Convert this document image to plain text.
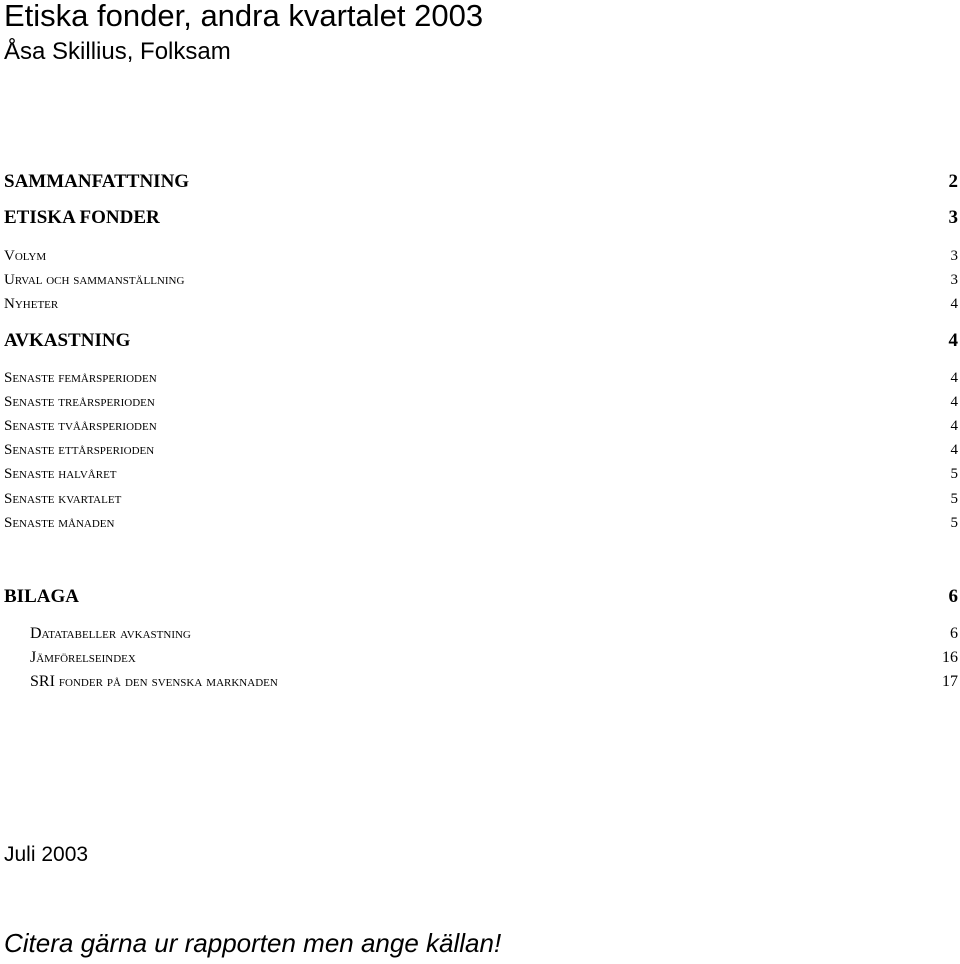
Etiska fonder, andra kvartalet 2003
Åsa Skillius, Folksam
SAMMANFATTNING	2
ETISKA FONDER	3
Volym	3
Urval och sammanställning	3
Nyheter	4
AVKASTNING	4
Senaste femårsperioden	4
Senaste treårsperioden	4
Senaste tvåårsperioden	4
Senaste ettårsperioden	4
Senaste halvåret	5
Senaste kvartalet	5
Senaste månaden	5
BILAGA	6
Datatabeller avkastning	6
Jämförelseindex	16
SRI fonder på den svenska marknaden	17
Juli 2003
Citera gärna ur rapporten men ange källan!
